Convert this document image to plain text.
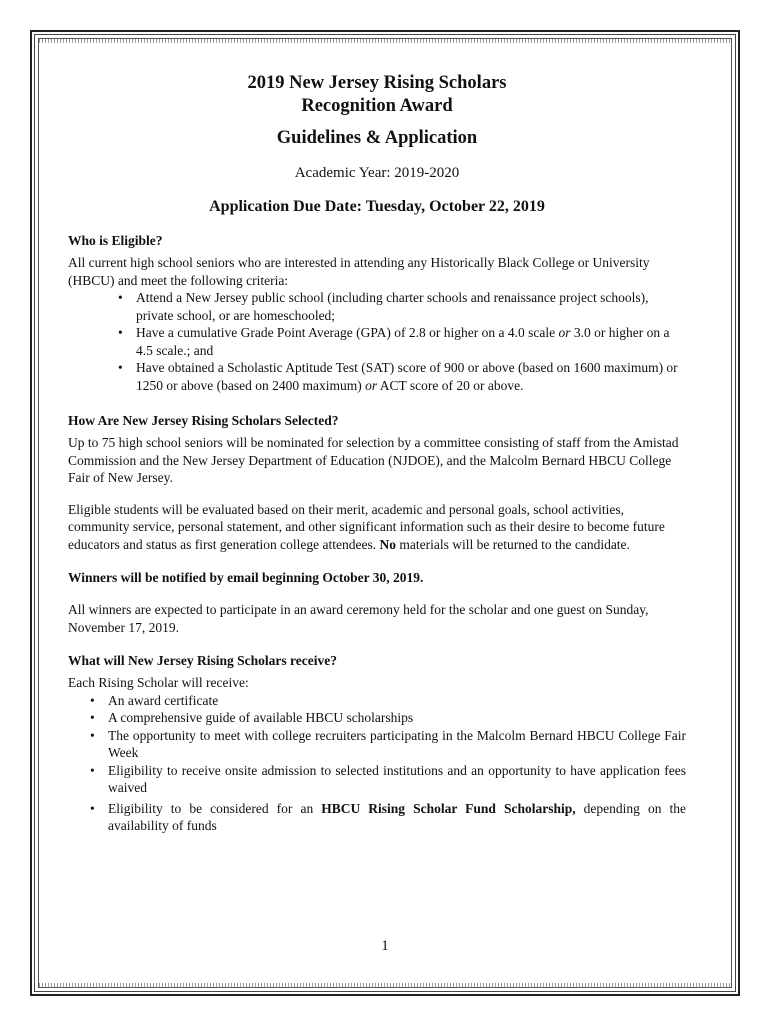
2019 New Jersey Rising Scholars

Recognition Award

Guidelines & Application

Academic Year: 2019-2020

Application Due Date: Tuesday, October 22, 2019

Who is Eligible?

All current high school seniors who are interested in attending any Historically Black College or University (HBCU) and meet the following criteria:

• Attend a New Jersey public school (including charter schools and renaissance project schools), private school, or are homeschooled;
• Have a cumulative Grade Point Average (GPA) of 2.8 or higher on a 4.0 scale or 3.0 or higher on a 4.5 scale.; and
• Have obtained a Scholastic Aptitude Test (SAT) score of 900 or above (based on 1600 maximum) or 1250 or above (based on 2400 maximum) or ACT score of 20 or above.

How Are New Jersey Rising Scholars Selected?

Up to 75 high school seniors will be nominated for selection by a committee consisting of staff from the Amistad Commission and the New Jersey Department of Education (NJDOE), and the Malcolm Bernard HBCU College Fair of New Jersey.

Eligible students will be evaluated based on their merit, academic and personal goals, school activities, community service, personal statement, and other significant information such as their desire to become future educators and status as first generation college attendees. No materials will be returned to the candidate.

Winners will be notified by email beginning October 30, 2019.

All winners are expected to participate in an award ceremony held for the scholar and one guest on Sunday, November 17, 2019.

What will New Jersey Rising Scholars receive?

Each Rising Scholar will receive:

• An award certificate
• A comprehensive guide of available HBCU scholarships
• The opportunity to meet with college recruiters participating in the Malcolm Bernard HBCU College Fair Week
• Eligibility to receive onsite admission to selected institutions and an opportunity to have application fees waived
• Eligibility to be considered for an HBCU Rising Scholar Fund Scholarship, depending on the availability of funds
1
